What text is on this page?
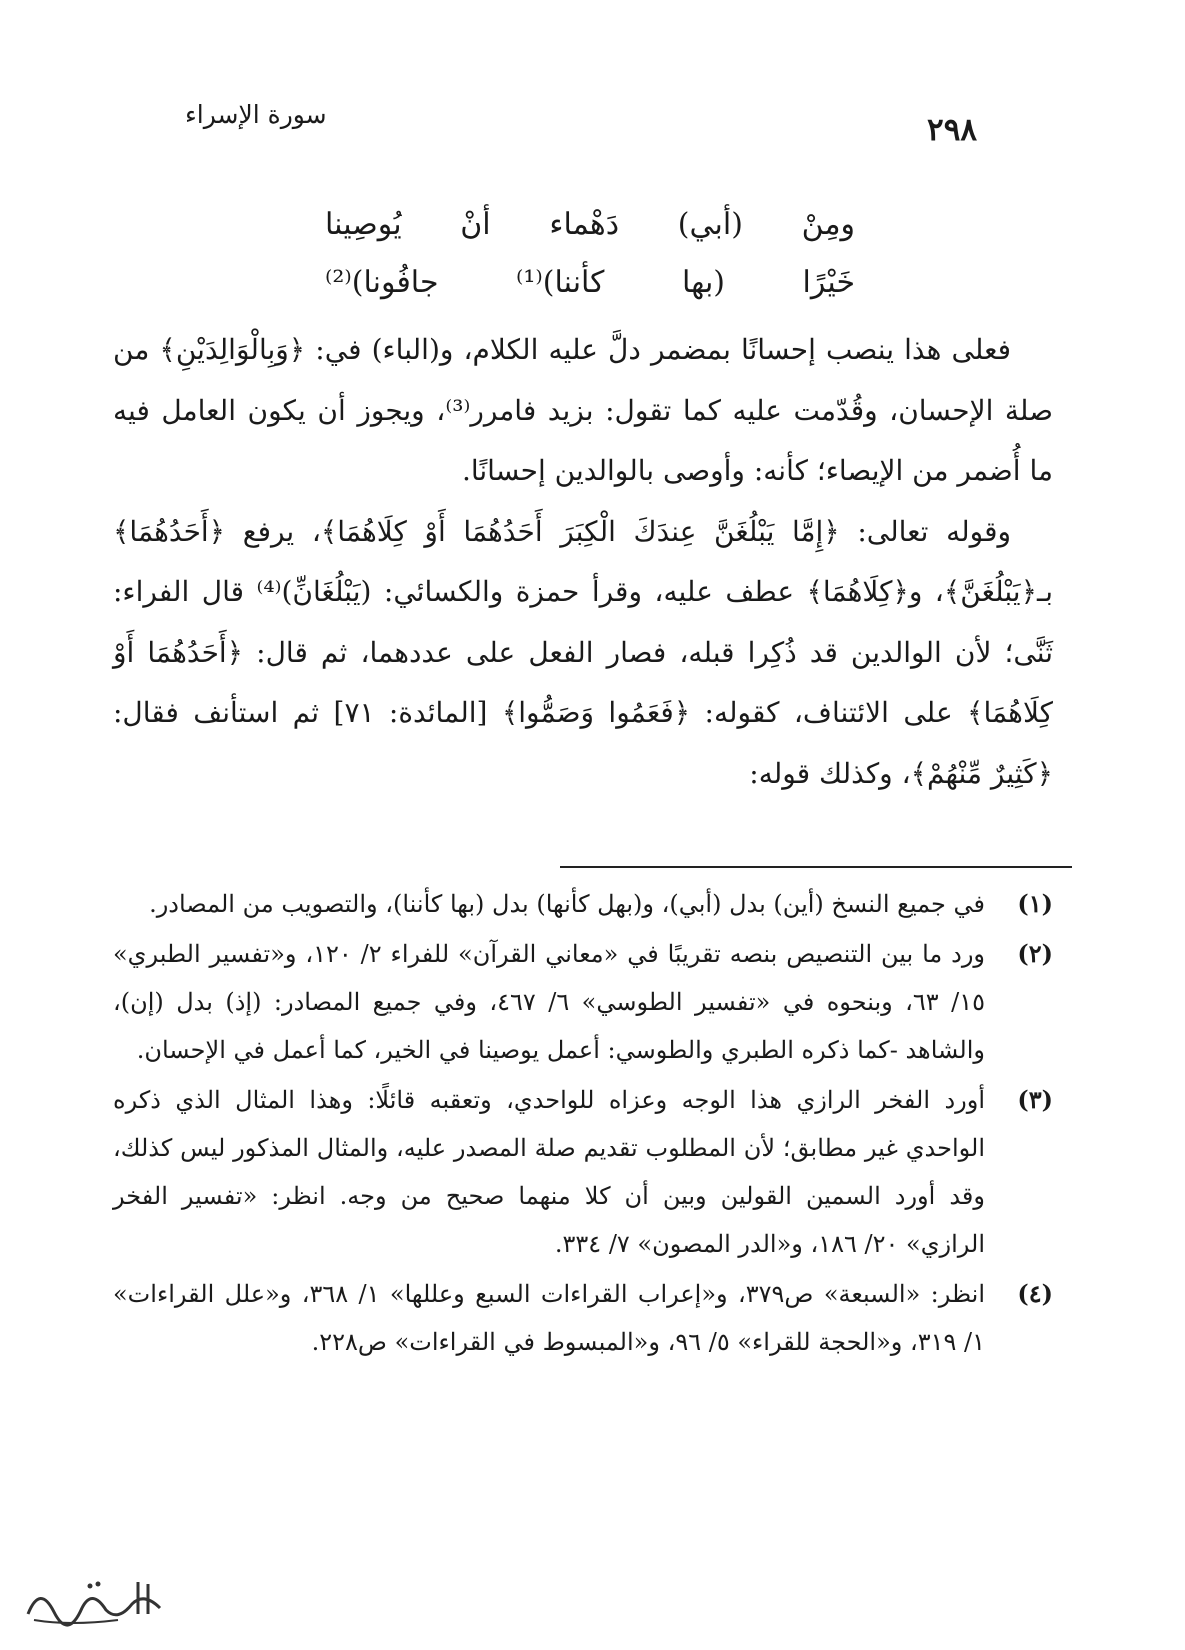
سورة الإسراء	٢٩٨
ومِنْ (أبي) دَهْماء أنْ يُوصِينا
خَيْرًا (بها كأننا)⁽¹⁾ جافُونا)⁽²⁾

فعلى هذا ينصب إحسانًا بمضمر دلَّ عليه الكلام، و(الباء) في: ﴿وَبِالْوَالِدَيْنِ﴾ من صلة الإحسان، وقُدّمت عليه كما تقول: بزيد فامرر⁽³⁾، ويجوز أن يكون العامل فيه ما أُضمر من الإيصاء؛ كأنه: وأوصى بالوالدين إحسانًا.

وقوله تعالى: ﴿إِمَّا يَبْلُغَنَّ عِندَكَ الْكِبَرَ أَحَدُهُمَا أَوْ كِلَاهُمَا﴾، يرفع ﴿أَحَدُهُمَا﴾ بـ﴿يَبْلُغَنَّ﴾، و﴿كِلَاهُمَا﴾ عطف عليه، وقرأ حمزة والكسائي: (يَبْلُغَانِّ)⁽⁴⁾ قال الفراء: ثَنَّى؛ لأن الوالدين قد ذُكِرا قبله، فصار الفعل على عددهما، ثم قال: ﴿أَحَدُهُمَا أَوْ كِلَاهُمَا﴾ على الائتناف، كقوله: ﴿فَعَمُوا وَصَمُّوا﴾ [المائدة: ٧١] ثم استأنف فقال: ﴿كَثِيرٌ مِّنْهُمْ﴾، وكذلك قوله:

(١)
في جميع النسخ (أين) بدل (أبي)، و(بهل كأنها) بدل (بها كأننا)، والتصويب من المصادر.
(٢)
ورد ما بين التنصيص بنصه تقريبًا في «معاني القرآن» للفراء ٢/ ١٢٠، و«تفسير الطبري» ١٥/ ٦٣، وبنحوه في «تفسير الطوسي» ٦/ ٤٦٧، وفي جميع المصادر: (إذ) بدل (إن)، والشاهد -كما ذكره الطبري والطوسي: أعمل يوصينا في الخير، كما أعمل في الإحسان.
(٣)
أورد الفخر الرازي هذا الوجه وعزاه للواحدي، وتعقبه قائلًا: وهذا المثال الذي ذكره الواحدي غير مطابق؛ لأن المطلوب تقديم صلة المصدر عليه، والمثال المذكور ليس كذلك، وقد أورد السمين القولين وبين أن كلا منهما صحيح من وجه. انظر: «تفسير الفخر الرازي» ٢٠/ ١٨٦، و«الدر المصون» ٧/ ٣٣٤.
(٤)
انظر: «السبعة» ص٣٧٩، و«إعراب القراءات السبع وعللها» ١/ ٣٦٨، و«علل القراءات» ١/ ٣١٩، و«الحجة للقراء» ٥/ ٩٦، و«المبسوط في القراءات» ص٢٢٨.
